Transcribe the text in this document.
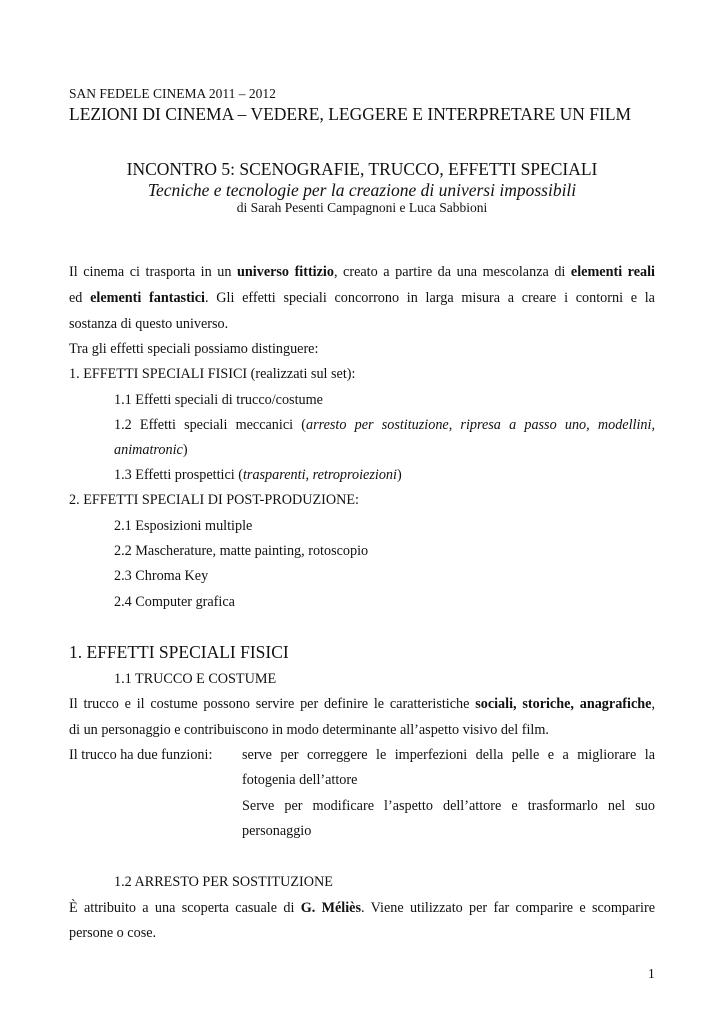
SAN FEDELE CINEMA 2011 – 2012
LEZIONI DI CINEMA – VEDERE, LEGGERE E INTERPRETARE UN FILM
INCONTRO 5: SCENOGRAFIE, TRUCCO, EFFETTI SPECIALI
Tecniche e tecnologie per la creazione di universi impossibili
di Sarah Pesenti Campagnoni e Luca Sabbioni
Il cinema ci trasporta in un universo fittizio, creato a partire da una mescolanza di elementi reali
ed elementi fantastici. Gli effetti speciali concorrono in larga misura a creare i contorni e la
sostanza di questo universo.
Tra gli effetti speciali possiamo distinguere:
1. EFFETTI SPECIALI FISICI (realizzati sul set):
1.1 Effetti speciali di trucco/costume
1.2 Effetti speciali meccanici (arresto per sostituzione, ripresa a passo uno, modellini,
animatronic)
1.3 Effetti prospettici (trasparenti, retroproiezioni)
2. EFFETTI SPECIALI DI POST-PRODUZIONE:
2.1 Esposizioni multiple
2.2 Mascherature, matte painting, rotoscopio
2.3 Chroma Key
2.4 Computer grafica
1. EFFETTI SPECIALI FISICI
1.1 TRUCCO E COSTUME
Il trucco e il costume possono servire per definire le caratteristiche sociali, storiche, anagrafiche,
di un personaggio e contribuiscono in modo determinante all’aspetto visivo del film.
Il trucco ha due funzioni: serve per correggere le imperfezioni della pelle e a migliorare la
fotogenia dell’attore
Serve per modificare l’aspetto dell’attore e trasformarlo nel suo
personaggio
1.2 ARRESTO PER SOSTITUZIONE
È attribuito a una scoperta casuale di G. Méliès. Viene utilizzato per far comparire e scomparire
persone o cose.
1
